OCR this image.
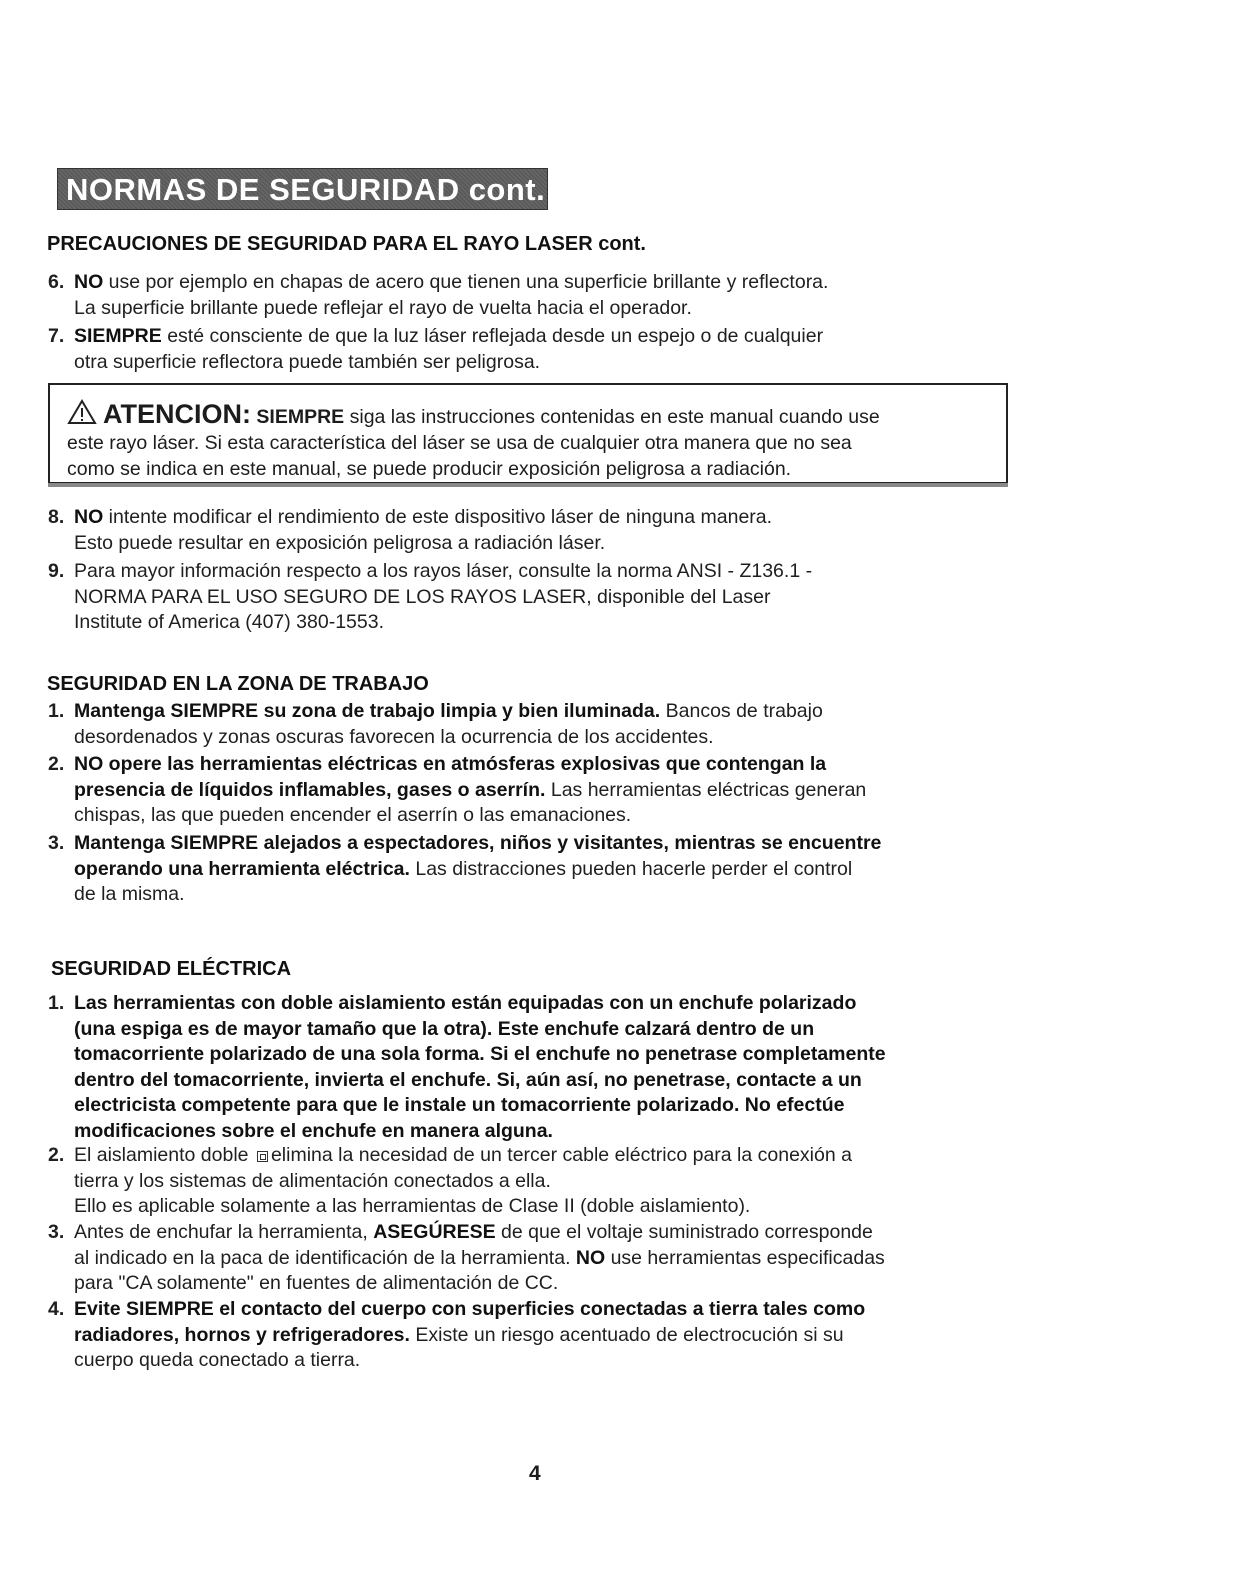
NORMAS DE SEGURIDAD cont.
PRECAUCIONES DE SEGURIDAD PARA EL RAYO LASER cont.
6. NO use por ejemplo en chapas de acero que tienen una superficie brillante y reflectora.
La superficie brillante puede reflejar el rayo de vuelta hacia el operador.
7. SIEMPRE esté consciente de que la luz láser reflejada desde un espejo o de cualquier
otra superficie reflectora puede también ser peligrosa.
ATENCION: SIEMPRE siga las instrucciones contenidas en este manual cuando use
este rayo láser. Si esta característica del láser se usa de cualquier otra manera que no sea
como se indica en este manual, se puede producir exposición peligrosa a radiación.
8. NO intente modificar el rendimiento de este dispositivo láser de ninguna manera.
Esto puede resultar en exposición peligrosa a radiación láser.
9. Para mayor información respecto a los rayos láser, consulte la norma ANSI - Z136.1 -
NORMA PARA EL USO SEGURO DE LOS RAYOS LASER, disponible del Laser
Institute of America (407) 380-1553.
SEGURIDAD EN LA ZONA DE TRABAJO
1. Mantenga SIEMPRE su zona de trabajo limpia y bien iluminada. Bancos de trabajo
desordenados y zonas oscuras favorecen la ocurrencia de los accidentes.
2. NO opere las herramientas eléctricas en atmósferas explosivas que contengan la
presencia de líquidos inflamables, gases o aserrín. Las herramientas eléctricas generan
chispas, las que pueden encender el aserrín o las emanaciones.
3. Mantenga SIEMPRE alejados a espectadores, niños y visitantes, mientras se encuentre
operando una herramienta eléctrica. Las distracciones pueden hacerle perder el control
de la misma.
SEGURIDAD ELÉCTRICA
1. Las herramientas con doble aislamiento están equipadas con un enchufe polarizado
(una espiga es de mayor tamaño que la otra). Este enchufe calzará dentro de un
tomacorriente polarizado de una sola forma. Si el enchufe no penetrase completamente
dentro del tomacorriente, invierta el enchufe. Si, aún así, no penetrase, contacte a un
electricista competente para que le instale un tomacorriente polarizado. No efectúe
modificaciones sobre el enchufe en manera alguna.
2. El aislamiento doble elimina la necesidad de un tercer cable eléctrico para la conexión a
tierra y los sistemas de alimentación conectados a ella.
Ello es aplicable solamente a las herramientas de Clase II (doble aislamiento).
3. Antes de enchufar la herramienta, ASEGÚRESE de que el voltaje suministrado corresponde
al indicado en la paca de identificación de la herramienta. NO use herramientas especificadas
para "CA solamente" en fuentes de alimentación de CC.
4. Evite SIEMPRE el contacto del cuerpo con superficies conectadas a tierra tales como
radiadores, hornos y refrigeradores. Existe un riesgo acentuado de electrocución si su
cuerpo queda conectado a tierra.
4
